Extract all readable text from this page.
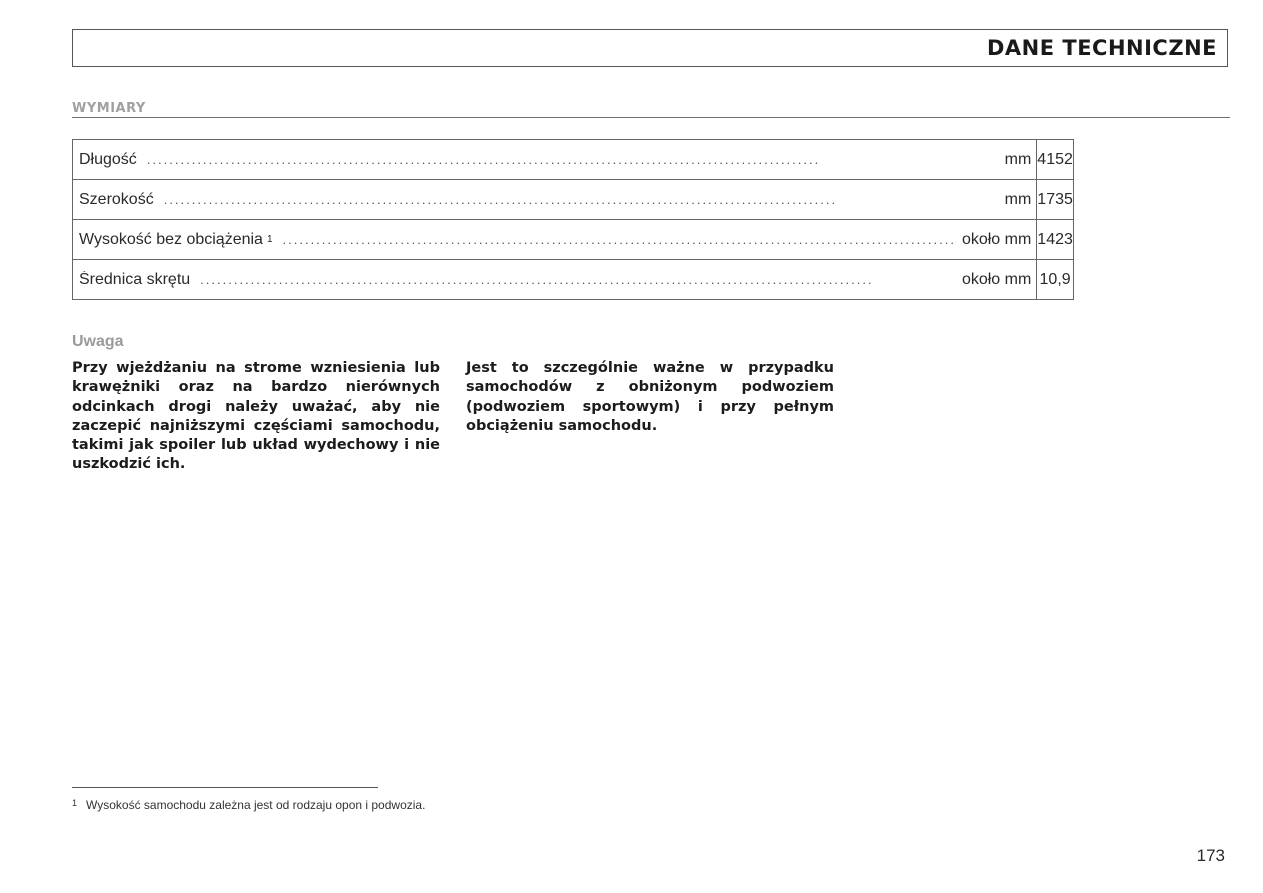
DANE TECHNICZNE
WYMIARY
Długość ..... mm	4152

Szerokość ..... mm	1735

Wysokość bez obciążenia 1 ..... około mm	1423

Średnica skrętu ..... około mm	10,9
Uwaga

Przy wjeżdżaniu na strome wzniesienia lub krawężniki oraz na bardzo nierównych odcinkach drogi należy uważać, aby nie zaczepić najniższymi częściami samochodu, takimi jak spoiler lub układ wydechowy i nie uszkodzić ich.

Jest to szczególnie ważne w przypadku samochodów z obniżonym podwoziem (podwoziem sportowym) i przy pełnym obciążeniu samochodu.

1 Wysokość samochodu zależna jest od rodzaju opon i podwozia.
173
